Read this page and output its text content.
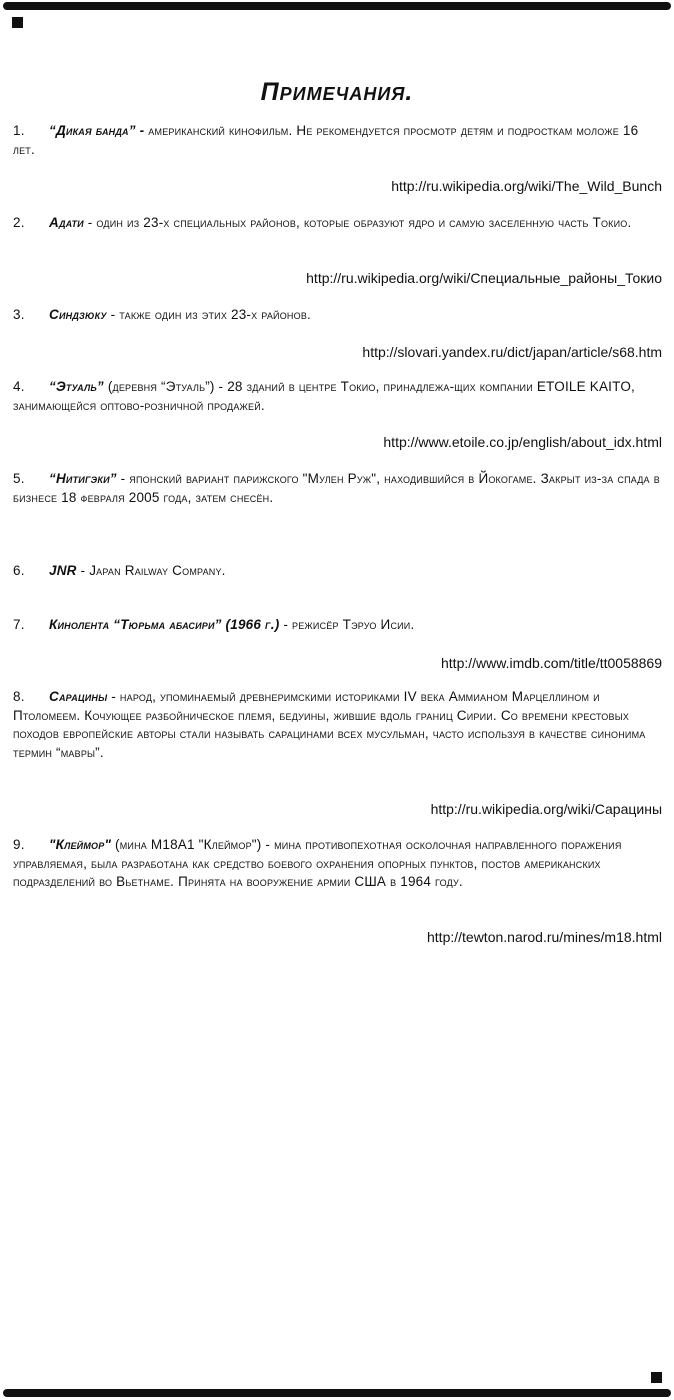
Примечания.

1. “Дикая банда” - американский кинофильм. Не рекомендуется просмотр детям и подросткам моложе 16 лет.

http://ru.wikipedia.org/wiki/The_Wild_Bunch

2. Адати - один из 23-х специальных районов, которые образуют ядро и самую заселенную часть Токио.

http://ru.wikipedia.org/wiki/Специальные_районы_Токио

3. Синдзюку - также один из этих 23-х районов.

http://slovari.yandex.ru/dict/japan/article/s68.htm

4. “Этуаль” (деревня “Этуаль”) - 28 зданий в центре Токио, принадлежа-щих компании ETOILE KAITO, занимающейся оптово-розничной продажей.

http://www.etoile.co.jp/english/about_idx.html

5. “Нитигэки” - японский вариант парижского "Мулен Руж", находившийся в Йокогаме. Закрыт из-за спада в бизнесе 18 февраля 2005 года, затем снесён.

6. JNR - Japan Railway Company.

7. Кинолента “Тюрьма абасири” (1966 г.) - режисёр Тэруо Исии.

http://www.imdb.com/title/tt0058869

8. Сарацины - народ, упоминаемый древнеримскими историками IV века Аммианом Марцеллином и Птоломеем. Кочующее разбойническое племя, бедуины, жившие вдоль границ Сирии. Со времени крестовых походов европейские авторы стали называть сарацинами всех мусульман, часто используя в качестве синонима термин “мавры”.

http://ru.wikipedia.org/wiki/Сарацины

9. "Клеймор" (мина M18A1 "Клеймор") - мина противопехотная осколочная направленного поражения управляемая, была разработана как средство боевого охранения опорных пунктов, постов американских подразделений во Вьетнаме. Принята на вооружение армии США в 1964 году.

http://tewton.narod.ru/mines/m18.html
